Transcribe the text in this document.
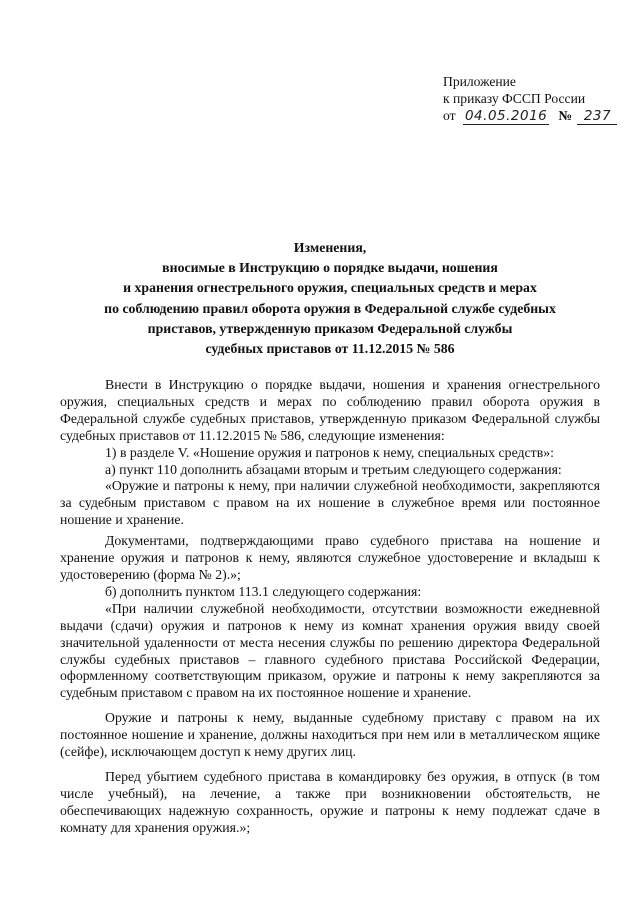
Приложение
к приказу ФССП России
от 04.05.2016 № 237
Изменения,
вносимые в Инструкцию о порядке выдачи, ношения
и хранения огнестрельного оружия, специальных средств и мерах
по соблюдению правил оборота оружия в Федеральной службе судебных
приставов, утвержденную приказом Федеральной службы
судебных приставов от 11.12.2015 № 586

Внести в Инструкцию о порядке выдачи, ношения и хранения огнестрельного оружия, специальных средств и мерах по соблюдению правил оборота оружия в Федеральной службе судебных приставов, утвержденную приказом Федеральной службы судебных приставов от 11.12.2015 № 586, следующие изменения:

1) в разделе V. «Ношение оружия и патронов к нему, специальных средств»:

а) пункт 110 дополнить абзацами вторым и третьим следующего содержания:

«Оружие и патроны к нему, при наличии служебной необходимости, закрепляются за судебным приставом с правом на их ношение в служебное время или постоянное ношение и хранение.

Документами, подтверждающими право судебного пристава на ношение и хранение оружия и патронов к нему, являются служебное удостоверение и вкладыш к удостоверению (форма № 2).»;

б) дополнить пунктом 113.1 следующего содержания:

«При наличии служебной необходимости, отсутствии возможности ежедневной выдачи (сдачи) оружия и патронов к нему из комнат хранения оружия ввиду своей значительной удаленности от места несения службы по решению директора Федеральной службы судебных приставов – главного судебного пристава Российской Федерации, оформленному соответствующим приказом, оружие и патроны к нему закрепляются за судебным приставом с правом на их постоянное ношение и хранение.

Оружие и патроны к нему, выданные судебному приставу с правом на их постоянное ношение и хранение, должны находиться при нем или в металлическом ящике (сейфе), исключающем доступ к нему других лиц.

Перед убытием судебного пристава в командировку без оружия, в отпуск (в том числе учебный), на лечение, а также при возникновении обстоятельств, не обеспечивающих надежную сохранность, оружие и патроны к нему подлежат сдаче в комнату для хранения оружия.»;
